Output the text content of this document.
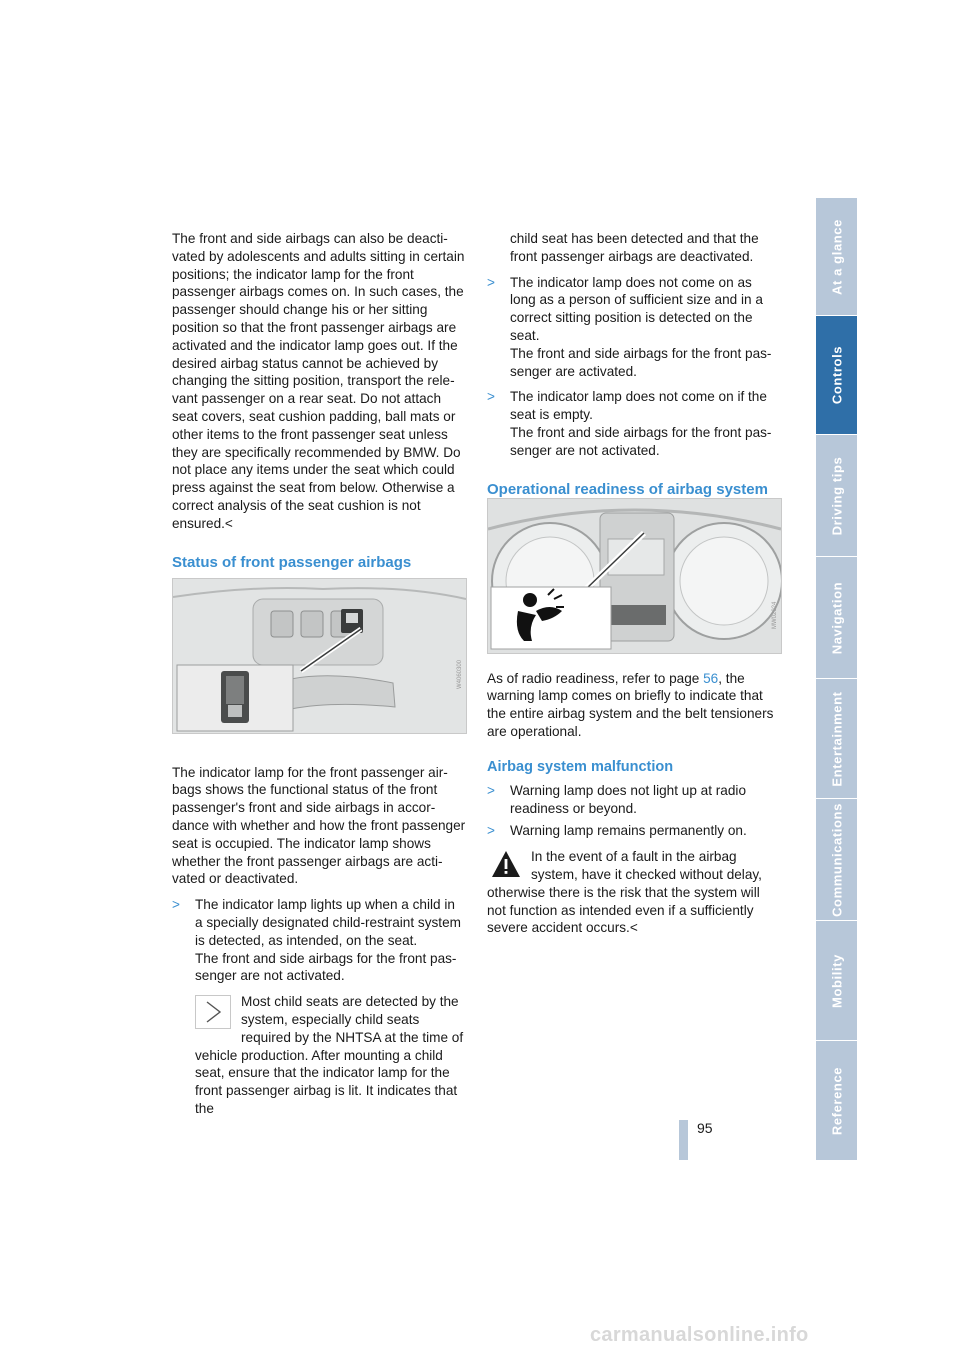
The front and side airbags can also be deactivated by adolescents and adults sitting in certain positions; the indicator lamp for the front passenger airbags comes on. In such cases, the passenger should change his or her sitting position so that the front passenger airbags are activated and the indicator lamp goes out. If the desired airbag status cannot be achieved by changing the sitting position, transport the relevant passenger on a rear seat. Do not attach seat covers, seat cushion padding, ball mats or other items to the front passenger seat unless they are specifically recommended by BMW. Do not place any items under the seat which could press against the seat from below. Otherwise a correct analysis of the seat cushion is not ensured.<

Status of front passenger airbags

The indicator lamp for the front passenger airbags shows the functional status of the front passenger's front and side airbags in accordance with whether and how the front passenger seat is occupied. The indicator lamp shows whether the front passenger airbags are activated or deactivated.

> The indicator lamp lights up when a child in a specially designated child-restraint system is detected, as intended, on the seat.
The front and side airbags for the front passenger are not activated.
Most child seats are detected by the system, especially child seats required by the NHTSA at the time of vehicle production. After mounting a child seat, ensure that the indicator lamp for the front passenger airbag is lit. It indicates that the
W4060300

child seat has been detected and that the front passenger airbags are deactivated.

> The indicator lamp does not come on as long as a person of sufficient size and in a correct sitting position is detected on the seat.
The front and side airbags for the front passenger are activated.
> The indicator lamp does not come on if the seat is empty.
The front and side airbags for the front passenger are not activated.
Operational readiness of airbag system

As of radio readiness, refer to page 56, the warning lamp comes on briefly to indicate that the entire airbag system and the belt tensioners are operational.

Airbag system malfunction
> Warning lamp does not light up at radio readiness or beyond.
> Warning lamp remains permanently on.
In the event of a fault in the airbag system, have it checked without delay, otherwise there is the risk that the system will not function as intended even if a sufficiently severe accident occurs.<
MW02024
At a glance
Controls
Driving tips
Navigation
Entertainment
Communications
Mobility
Reference
95
carmanualsonline.info
